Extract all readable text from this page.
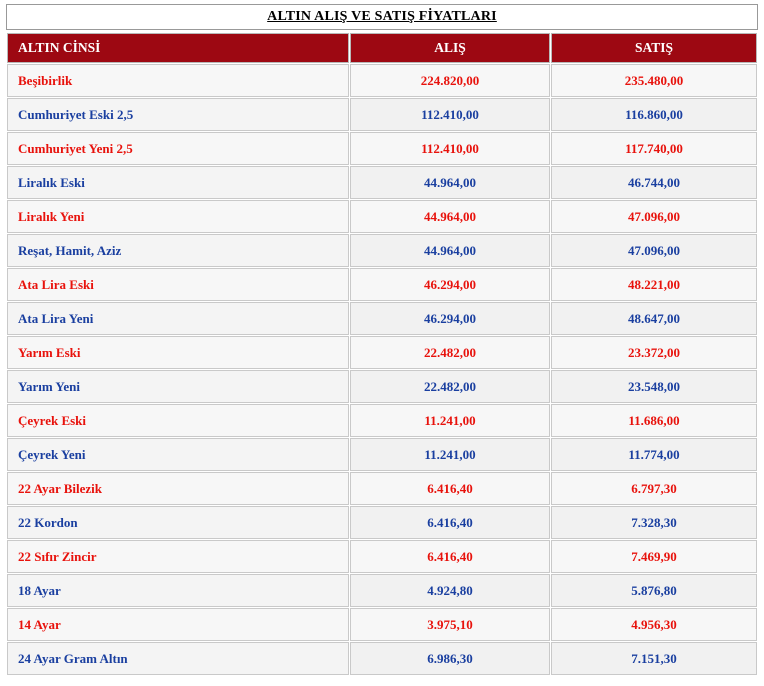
ALTIN ALIŞ VE SATIŞ FİYATLARI
ALTIN CİNSİ	ALIŞ	SATIŞ
Beşibirlik	224.820,00	235.480,00
Cumhuriyet Eski 2,5	112.410,00	116.860,00
Cumhuriyet Yeni 2,5	112.410,00	117.740,00
Liralık Eski	44.964,00	46.744,00
Liralık Yeni	44.964,00	47.096,00
Reşat, Hamit, Aziz	44.964,00	47.096,00
Ata Lira Eski	46.294,00	48.221,00
Ata Lira Yeni	46.294,00	48.647,00
Yarım Eski	22.482,00	23.372,00
Yarım Yeni	22.482,00	23.548,00
Çeyrek Eski	11.241,00	11.686,00
Çeyrek Yeni	11.241,00	11.774,00
22 Ayar Bilezik	6.416,40	6.797,30
22 Kordon	6.416,40	7.328,30
22 Sıfır Zincir	6.416,40	7.469,90
18 Ayar	4.924,80	5.876,80
14 Ayar	3.975,10	4.956,30
24 Ayar Gram Altın	6.986,30	7.151,30
